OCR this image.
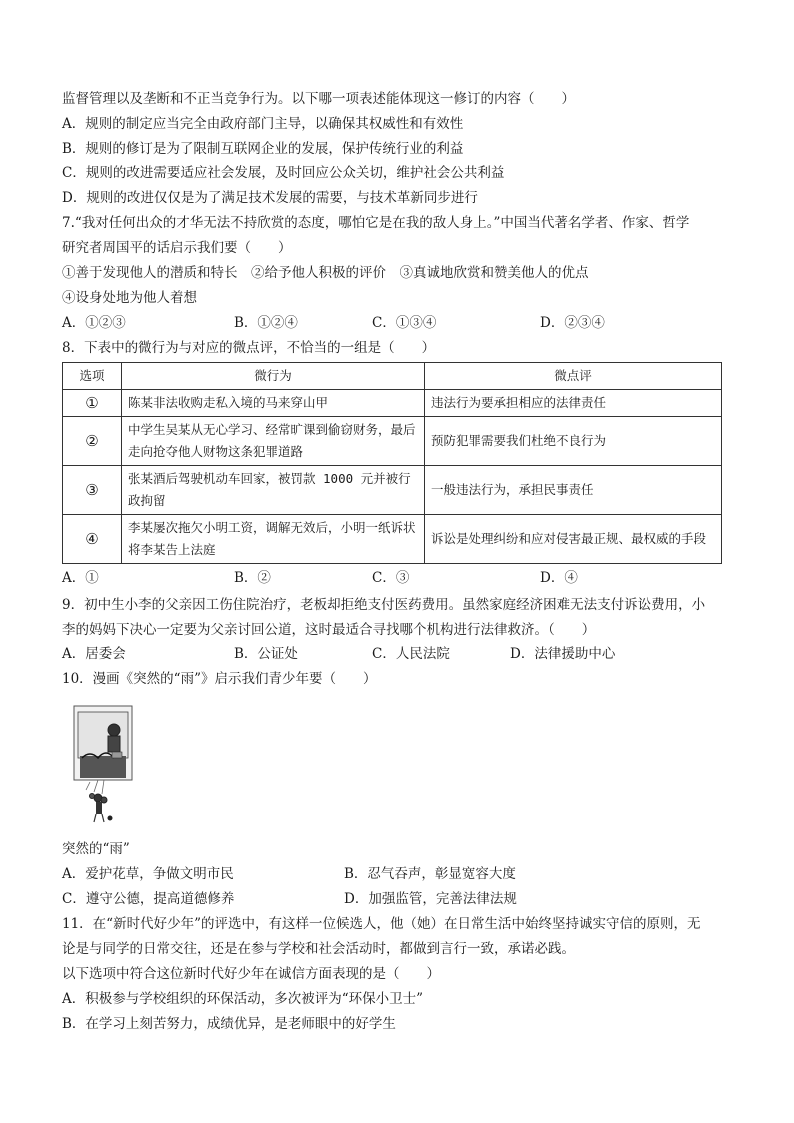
监督管理以及垄断和不正当竞争行为。以下哪一项表述能体现这一修订的内容（　　）
A．规则的制定应当完全由政府部门主导，以确保其权威性和有效性
B．规则的修订是为了限制互联网企业的发展，保护传统行业的利益
C．规则的改进需要适应社会发展，及时回应公众关切，维护社会公共利益
D．规则的改进仅仅是为了满足技术发展的需要，与技术革新同步进行
7.“我对任何出众的才华无法不持欣赏的态度，哪怕它是在我的敌人身上。”中国当代著名学者、作家、哲学
研究者周国平的话启示我们要（　　）
①善于发现他人的潜质和特长　②给予他人积极的评价　③真诚地欣赏和赞美他人的优点
④设身处地为他人着想
A．①②③	B．①②④	C．①③④	D．②③④
8．下表中的微行为与对应的微点评，不恰当的一组是（　　）
选项	微行为	微点评
①	陈某非法收购走私入境的马来穿山甲	违法行为要承担相应的法律责任
②	中学生吴某从无心学习、经常旷课到偷窃财务，最后走向抢夺他人财物这条犯罪道路	预防犯罪需要我们杜绝不良行为
③	张某酒后驾驶机动车回家，被罚款 1000 元并被行政拘留	一般违法行为，承担民事责任
④	李某屡次拖欠小明工资，调解无效后，小明一纸诉状将李某告上法庭	诉讼是处理纠纷和应对侵害最正规、最权威的手段
A．①	B．②	C．③	D．④
9．初中生小李的父亲因工伤住院治疗，老板却拒绝支付医药费用。虽然家庭经济困难无法支付诉讼费用，小
李的妈妈下决心一定要为父亲讨回公道，这时最适合寻找哪个机构进行法律救济。（　　）
A．居委会	B．公证处	C．人民法院	D．法律援助中心
10．漫画《突然的“雨”》启示我们青少年要（　　）
突然的“雨”
A．爱护花草，争做文明市民	B．忍气吞声，彰显宽容大度
C．遵守公德，提高道德修养	D．加强监管，完善法律法规
11．在“新时代好少年”的评选中，有这样一位候选人，他（她）在日常生活中始终坚持诚实守信的原则，无
论是与同学的日常交往，还是在参与学校和社会活动时，都做到言行一致，承诺必践。
以下选项中符合这位新时代好少年在诚信方面表现的是（　　）
A．积极参与学校组织的环保活动，多次被评为“环保小卫士”
B．在学习上刻苦努力，成绩优异，是老师眼中的好学生
